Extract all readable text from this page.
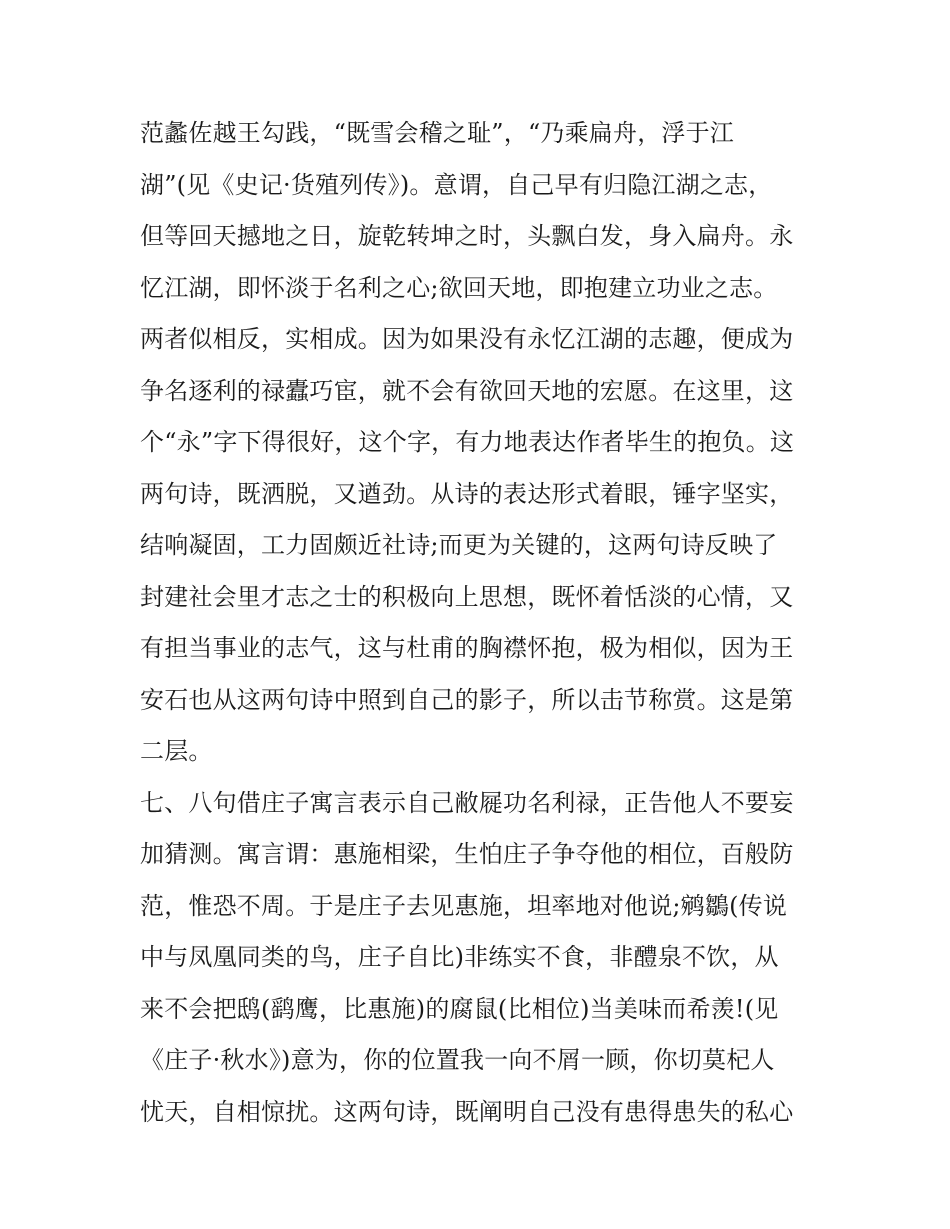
范蠡佐越王勾践，“既雪会稽之耻”，“乃乘扁舟，浮于江
湖”(见《史记·货殖列传》)。意谓，自己早有归隐江湖之志，
但等回天撼地之日，旋乾转坤之时，头飘白发，身入扁舟。永
忆江湖，即怀淡于名利之心;欲回天地，即抱建立功业之志。
两者似相反，实相成。因为如果没有永忆江湖的志趣，便成为
争名逐利的禄蠹巧宦，就不会有欲回天地的宏愿。在这里，这
个“永”字下得很好，这个字，有力地表达作者毕生的抱负。这
两句诗，既洒脱，又遒劲。从诗的表达形式着眼，锤字坚实，
结响凝固，工力固颇近社诗;而更为关键的，这两句诗反映了
封建社会里才志之士的积极向上思想，既怀着恬淡的心情，又
有担当事业的志气，这与杜甫的胸襟怀抱，极为相似，因为王
安石也从这两句诗中照到自己的影子，所以击节称赏。这是第
二层。
七、八句借庄子寓言表示自己敝屣功名利禄，正告他人不要妄
加猜测。寓言谓：惠施相梁，生怕庄子争夺他的相位，百般防
范，惟恐不周。于是庄子去见惠施，坦率地对他说;鹓鶵(传说
中与凤凰同类的鸟，庄子自比)非练实不食，非醴泉不饮，从
来不会把鸱(鹞鹰，比惠施)的腐鼠(比相位)当美味而希羡!(见
《庄子·秋水》)意为，你的位置我一向不屑一顾，你切莫杞人
忧天，自相惊扰。这两句诗，既阐明自己没有患得患失的私心
